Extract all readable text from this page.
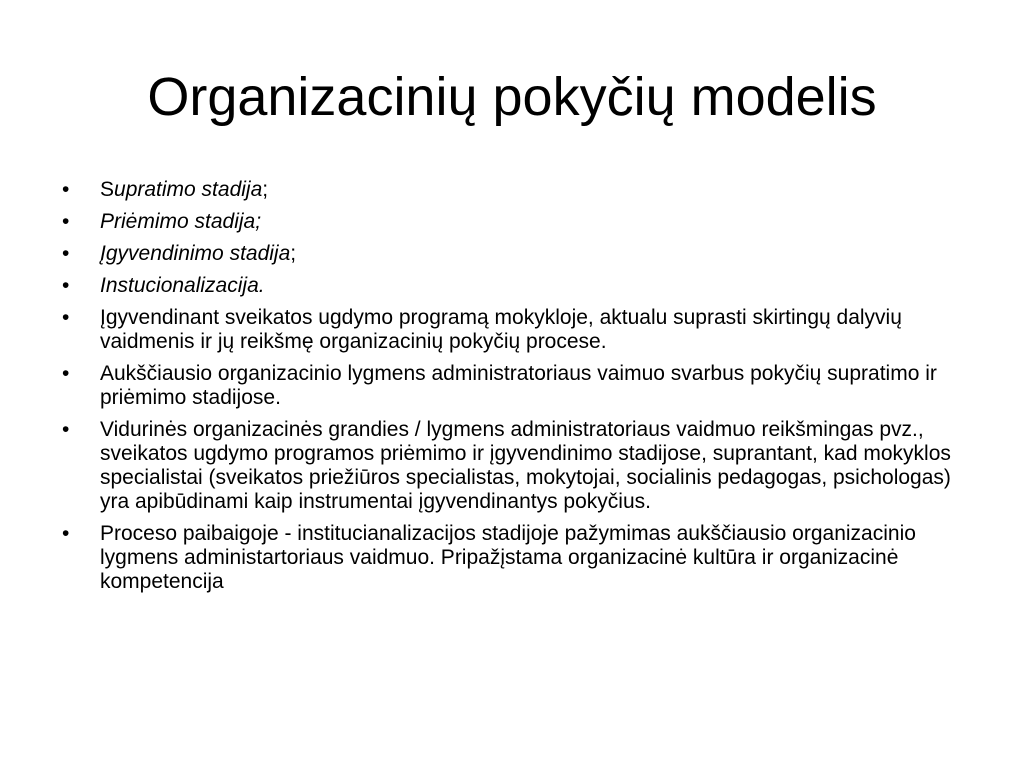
Organizacinių pokyčių modelis
•	Supratimo stadija;
•	Priėmimo stadija;
•	Įgyvendinimo stadija;
•	Instucionalizacija.
•	Įgyvendinant sveikatos ugdymo programą mokykloje, aktualu suprasti skirtingų dalyvių vaidmenis ir jų reikšmę organizacinių pokyčių procese.
•	Aukščiausio organizacinio lygmens administratoriaus vaimuo svarbus pokyčių supratimo ir priėmimo stadijose.
•	Vidurinės organizacinės grandies / lygmens administratoriaus vaidmuo reikšmingas pvz., sveikatos ugdymo programos priėmimo ir įgyvendinimo stadijose, suprantant, kad mokyklos specialistai (sveikatos priežiūros specialistas, mokytojai, socialinis pedagogas, psichologas) yra apibūdinami kaip instrumentai įgyvendinantys pokyčius.
•	Proceso paibaigoje - institucianalizacijos stadijoje pažymimas aukščiausio organizacinio lygmens administartoriaus vaidmuo. Pripažįstama organizacinė kultūra ir organizacinė kompetencija
